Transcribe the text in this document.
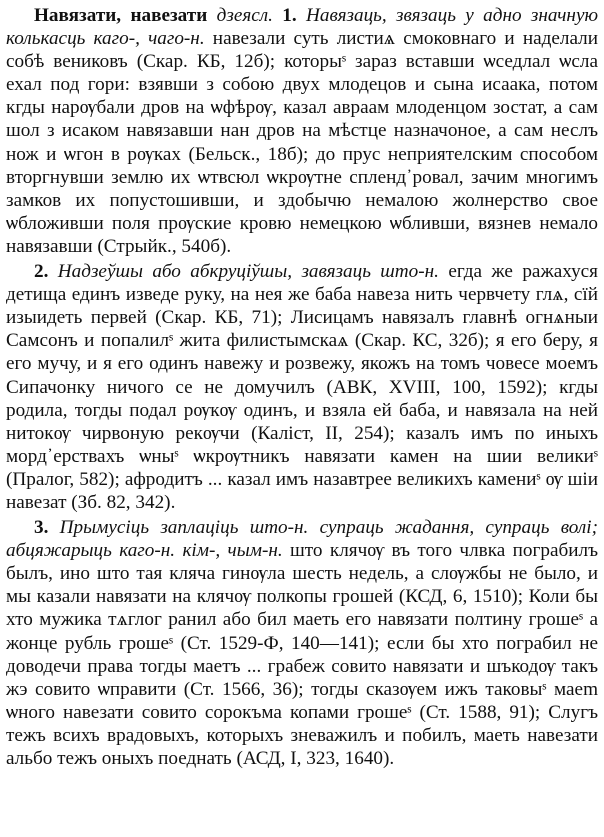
Навязати, навезати дзеясл. 1. Навязаць, звязаць у адно значную колькасць каго-, чаго-н. навезали суть листиѧ смоковнаго и наделали собѣ вениковъ (Скар. КБ, 12б); которыˢ зараз вставши ѡседлал ѡсла ехал под гори: взявши з собою двух млодецов и сына исаака, потом кгды нарѹбали дров на ѡфѣрѹ, казал авраам млоденцом зостат, а сам шол з исаком навязавши нан дров на мѣстце назначоное, а сам неслъ нож и ѡгон в рѹках (Бельск., 18б); до прус неприятелским способом вторгнувши землю их ѡтвсюл ѡкрѹтне спленд᾿ровал, зачим многимъ замков их попустошивши, и здобычю немалою жолнерство свое ѡбложивши поля прѹские кровю немецкою ѡбливши, вязнев немало навязавши (Стрыйк., 540б).

2. Надзеўшы або абкруціўшы, завязаць што-н. егда же ражахуся детища единъ изведе руку, на нея же баба навеза нить червчету глѧ, сїй изыидеть первей (Скар. КБ, 71); Лисицамъ навязалъ главнѣ огнѧныи Самсонъ и попалилˢ жита филистымскаѧ (Скар. КС, 32б); я его беру, я его мучу, и я его одинъ навежу и розвежу, якожъ на томъ човеcе моемъ Сипачонку ничого се не домучилъ (АВК, XVIII, 100, 1592); кгды родила, тогды подал рѹкѹ одинъ, и взяла ей баба, и навязала на ней нитокѹ чирвоную рекѹчи (Каліст, II, 254); казалъ имъ по иныхъ морд᾿ерствахъ ѡныˢ ѡкрѹтникъ навязати камен на шии великиˢ (Пралог, 582); афродитъ ... казал имъ назавтрее великихъ камениˢ ѹ шіи навезат (Зб. 82, 342).

3. Прымусіць заплаціць што-н. супраць жадання, супраць волі; абцяжарыць каго-н. кім-, чым-н. што клячѹ въ того члвка пограбилъ былъ, ино што тая кляча гинѹла шесть недель, а слѹжбы не было, и мы казали навязати на клячѹ полкопы грошей (КСД, 6, 1510); Коли бы хто мужика тѧглог ранил або бил маеть его навязати полтину грошеˢ а жонце рубль грошеˢ (Ст. 1529-Ф, 140—141); если бы хто пограбил не доводечи права тогды маетъ ... грабеж совито навязати и шъкодѹ такъ жэ совито ѡправити (Ст. 1566, 36); тогды сказѹем ижъ таковыˢ маеm ѡного навезати совито сорокъма копами грошеˢ (Ст. 1588, 91); Слугъ тежъ всихъ врадовыхъ, которыхъ зневажилъ и побилъ, маеть навезати альбо тежъ оныхъ поеднать (АСД, I, 323, 1640).
